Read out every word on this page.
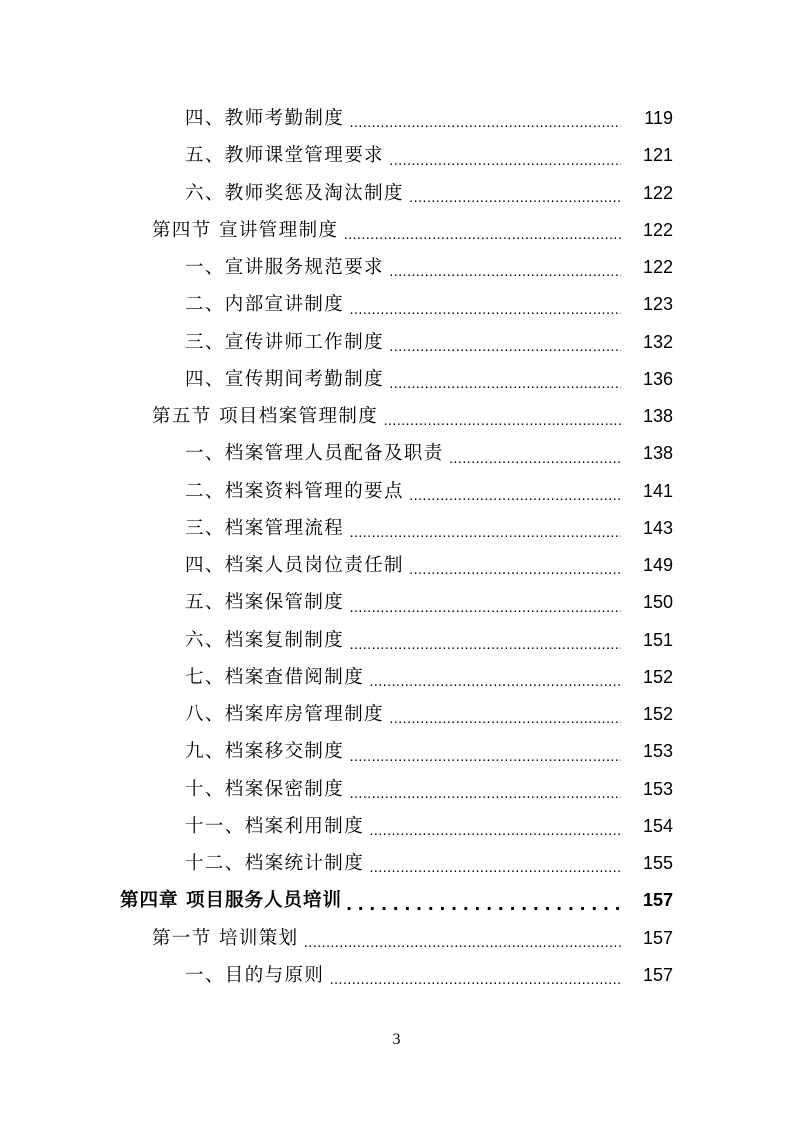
四、教师考勤制度 .....	119
五、教师课堂管理要求 .....	121
六、教师奖惩及淘汰制度 .....	122
第四节 宣讲管理制度 .....	122
一、宣讲服务规范要求 .....	122
二、内部宣讲制度 .....	123
三、宣传讲师工作制度 .....	132
四、宣传期间考勤制度 .....	136
第五节 项目档案管理制度 .....	138
一、档案管理人员配备及职责 .....	138
二、档案资料管理的要点 .....	141
三、档案管理流程 .....	143
四、档案人员岗位责任制 .....	149
五、档案保管制度 .....	150
六、档案复制制度 .....	151
七、档案查借阅制度 .....	152
八、档案库房管理制度 .....	152
九、档案移交制度 .....	153
十、档案保密制度 .....	153
十一、档案利用制度 .....	154
十二、档案统计制度 .....	155
第四章 项目服务人员培训 .....	157
第一节 培训策划 .....	157
一、目的与原则 .....	157
3
